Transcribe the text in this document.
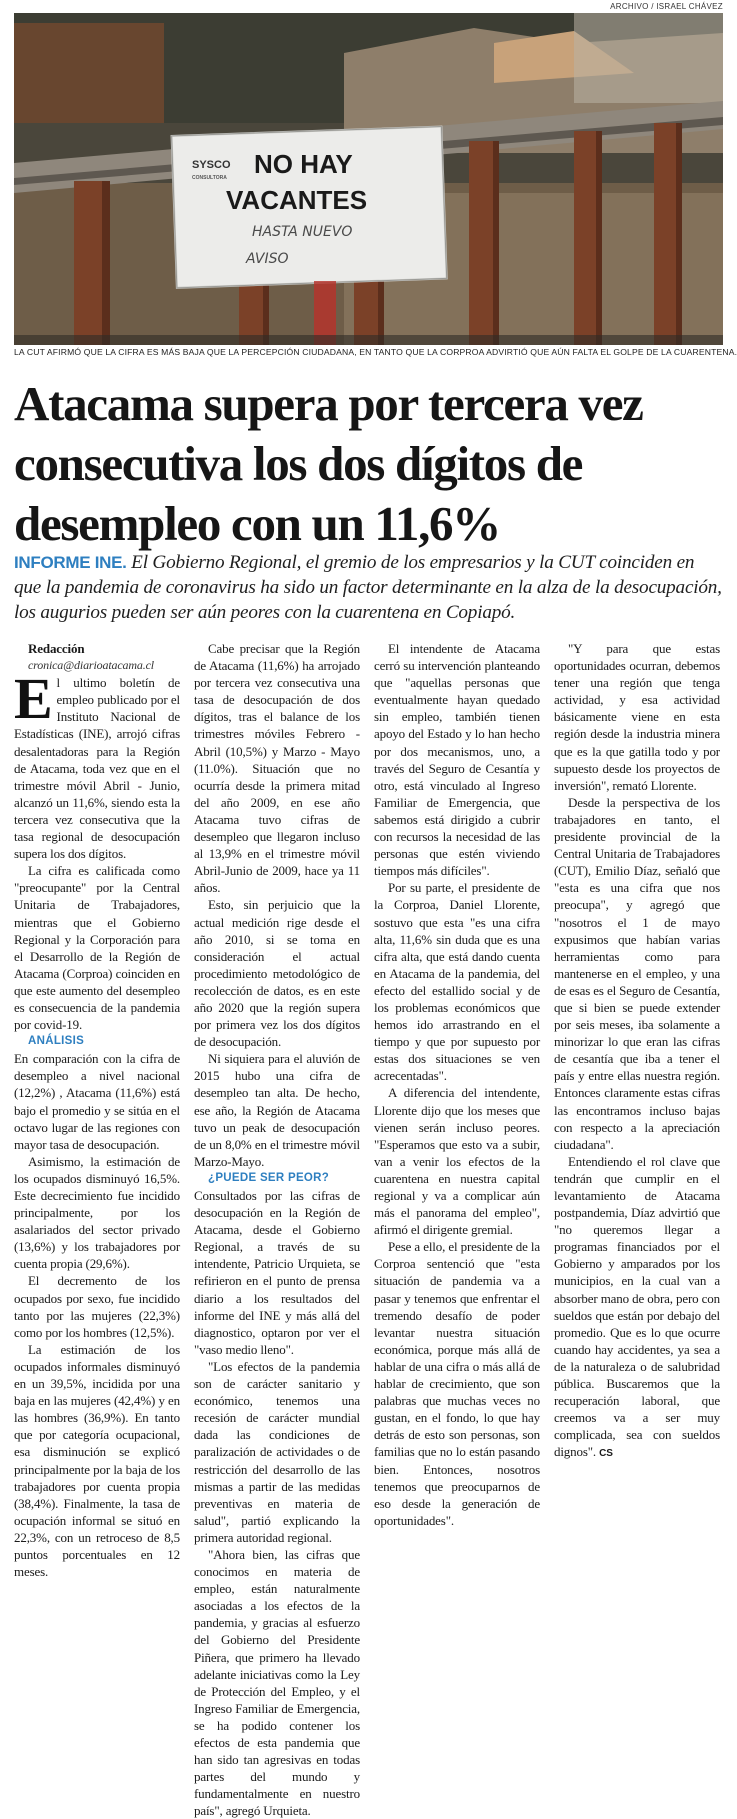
ARCHIVO / ISRAEL CHÁVEZ
SYSCO
CONSULTORA NO HAY
VACANTES
HASTA NUEVO
AVISO
LA CUT AFIRMÓ QUE LA CIFRA ES MÁS BAJA QUE LA PERCEPCIÓN CIUDADANA, EN TANTO QUE LA CORPROA ADVIRTIÓ QUE AÚN FALTA EL GOLPE DE LA CUARENTENA.
Atacama supera por tercera vez consecutiva los dos dígitos de desempleo con un 11,6%

INFORME INE. El Gobierno Regional, el gremio de los empresarios y la CUT coinciden en que la pandemia de coronavirus ha sido un factor determinante en la alza de la desocupación, los augurios pueden ser aún peores con la cuarentena en Copiapó.

Redacción

cronica@diarioatacama.cl

El ultimo boletín de empleo publicado por el Instituto Nacional de Estadísticas (INE), arrojó cifras desalentadoras para la Región de Atacama, toda vez que en el trimestre móvil Abril - Junio, alcanzó un 11,6%, siendo esta la tercera vez consecutiva que la tasa regional de desocupación supera los dos dígitos.

La cifra es calificada como "preocupante" por la Central Unitaria de Trabajadores, mientras que el Gobierno Regional y la Corporación para el Desarrollo de la Región de Atacama (Corproa) coinciden en que este aumento del desempleo es consecuencia de la pandemia por covid-19.

ANÁLISIS

En comparación con la cifra de desempleo a nivel nacional (12,2%) , Atacama (11,6%) está bajo el promedio y se sitúa en el octavo lugar de las regiones con mayor tasa de desocupación.

Asimismo, la estimación de los ocupados disminuyó 16,5%. Este decrecimiento fue incidido principalmente, por los asalariados del sector privado (13,6%) y los trabajadores por cuenta propia (29,6%).

El decremento de los ocupados por sexo, fue incidido tanto por las mujeres (22,3%) como por los hombres (12,5%).

La estimación de los ocupados informales disminuyó en un 39,5%, incidida por una baja en las mujeres (42,4%) y en las hombres (36,9%). En tanto que por categoría ocupacional, esa disminución se explicó principalmente por la baja de los trabajadores por cuenta propia (38,4%). Finalmente, la tasa de ocupación informal se situó en 22,3%, con un retroceso de 8,5 puntos porcentuales en 12 meses.

Cabe precisar que la Región de Atacama (11,6%) ha arrojado por tercera vez consecutiva una tasa de desocupación de dos dígitos, tras el balance de los trimestres móviles Febrero - Abril (10,5%) y Marzo - Mayo (11.0%). Situación que no ocurría desde la primera mitad del año 2009, en ese año Atacama tuvo cifras de desempleo que llegaron incluso al 13,9% en el trimestre móvil Abril-Junio de 2009, hace ya 11 años.

Esto, sin perjuicio que la actual medición rige desde el año 2010, si se toma en consideración el actual procedimiento metodológico de recolección de datos, es en este año 2020 que la región supera por primera vez los dos dígitos de desocupación.

Ni siquiera para el aluvión de 2015 hubo una cifra de desempleo tan alta. De hecho, ese año, la Región de Atacama tuvo un peak de desocupación de un 8,0% en el trimestre móvil Marzo-Mayo.

¿PUEDE SER PEOR?

Consultados por las cifras de desocupación en la Región de Atacama, desde el Gobierno Regional, a través de su intendente, Patricio Urquieta, se refirieron en el punto de prensa diario a los resultados del informe del INE y más allá del diagnostico, optaron por ver el "vaso medio lleno".

"Los efectos de la pandemia son de carácter sanitario y económico, tenemos una recesión de carácter mundial dada las condiciones de paralización de actividades o de restricción del desarrollo de las mismas a partir de las medidas preventivas en materia de salud", partió explicando la primera autoridad regional.

"Ahora bien, las cifras que conocimos en materia de empleo, están naturalmente asociadas a los efectos de la pandemia, y gracias al esfuerzo del Gobierno del Presidente Piñera, que primero ha llevado adelante iniciativas como la Ley de Protección del Empleo, y el Ingreso Familiar de Emergencia, se ha podido contener los efectos de esta pandemia que han sido tan agresivas en todas partes del mundo y fundamentalmente en nuestro país", agregó Urquieta.

El intendente de Atacama cerró su intervención planteando que "aquellas personas que eventualmente hayan quedado sin empleo, también tienen apoyo del Estado y lo han hecho por dos mecanismos, uno, a través del Seguro de Cesantía y otro, está vinculado al Ingreso Familiar de Emergencia, que sabemos está dirigido a cubrir con recursos la necesidad de las personas que estén viviendo tiempos más difíciles".

Por su parte, el presidente de la Corproa, Daniel Llorente, sostuvo que esta "es una cifra alta, 11,6% sin duda que es una cifra alta, que está dando cuenta en Atacama de la pandemia, del efecto del estallido social y de los problemas económicos que hemos ido arrastrando en el tiempo y que por supuesto por estas dos situaciones se ven acrecentadas".

A diferencia del intendente, Llorente dijo que los meses que vienen serán incluso peores. "Esperamos que esto va a subir, van a venir los efectos de la cuarentena en nuestra capital regional y va a complicar aún más el panorama del empleo", afirmó el dirigente gremial.

Pese a ello, el presidente de la Corproa sentenció que "esta situación de pandemia va a pasar y tenemos que enfrentar el tremendo desafío de poder levantar nuestra situación económica, porque más allá de hablar de una cifra o más allá de hablar de crecimiento, que son palabras que muchas veces no gustan, en el fondo, lo que hay detrás de esto son personas, son familias que no lo están pasando bien. Entonces, nosotros tenemos que preocuparnos de eso desde la generación de oportunidades".

"Y para que estas oportunidades ocurran, debemos tener una región que tenga actividad, y esa actividad básicamente viene en esta región desde la industria minera que es la que gatilla todo y por supuesto desde los proyectos de inversión", remató Llorente.

Desde la perspectiva de los trabajadores en tanto, el presidente provincial de la Central Unitaria de Trabajadores (CUT), Emilio Díaz, señaló que "esta es una cifra que nos preocupa", y agregó que "nosotros el 1 de mayo expusimos que habían varias herramientas como para mantenerse en el empleo, y una de esas es el Seguro de Cesantía, que si bien se puede extender por seis meses, iba solamente a minorizar lo que eran las cifras de cesantía que iba a tener el país y entre ellas nuestra región. Entonces claramente estas cifras las encontramos incluso bajas con respecto a la apreciación ciudadana".

Entendiendo el rol clave que tendrán que cumplir en el levantamiento de Atacama postpandemia, Díaz advirtió que "no queremos llegar a programas financiados por el Gobierno y amparados por los municipios, en la cual van a absorber mano de obra, pero con sueldos que están por debajo del promedio. Que es lo que ocurre cuando hay accidentes, ya sea a de la naturaleza o de salubridad pública. Buscaremos que la recuperación laboral, que creemos va a ser muy complicada, sea con sueldos dignos". CS
